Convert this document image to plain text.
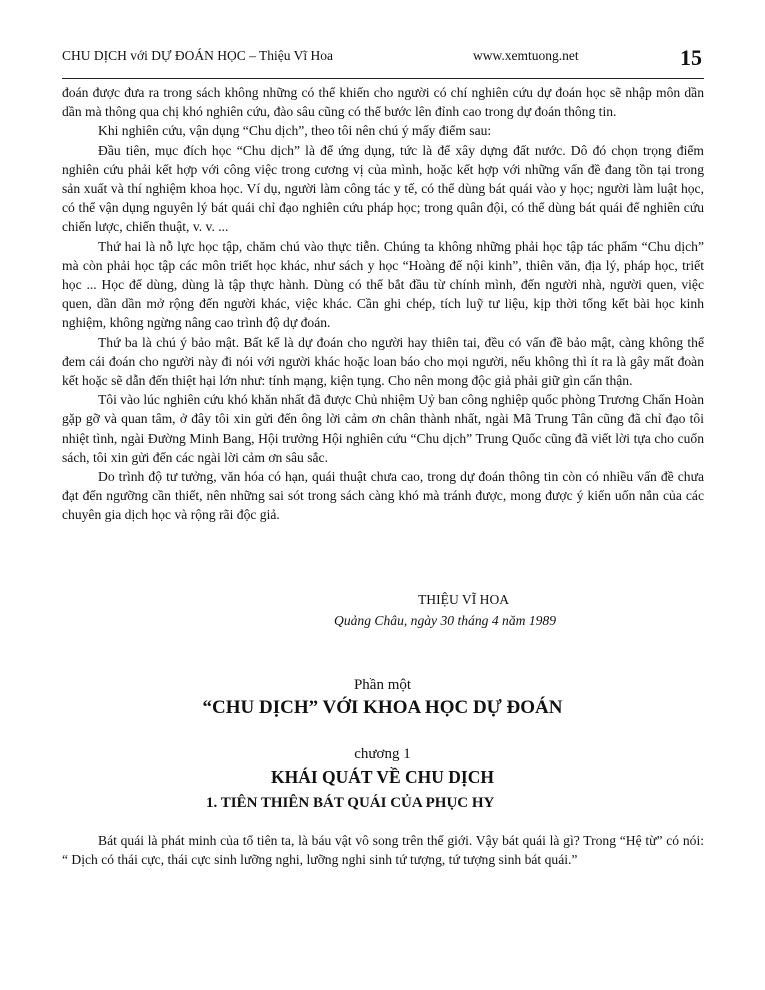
CHU DỊCH với DỰ ĐOÁN HỌC – Thiệu Vĩ Hoa	www.xemtuong.net	15

đoán được đưa ra trong sách không những có thể khiến cho người có chí nghiên cứu dự đoán học sẽ nhập môn dần dần mà thông qua chị khó nghiên cứu, đào sâu cũng có thể bước lên đỉnh cao trong dự đoán thông tin.

Khi nghiên cứu, vận dụng “Chu dịch”, theo tôi nên chú ý mấy điểm sau:

Đầu tiên, mục đích học “Chu dịch” là để ứng dụng, tức là để xây dựng đất nước. Dô đó chọn trọng điểm nghiên cứu phải kết hợp với công việc trong cương vị của mình, hoặc kết hợp với những vấn đề đang tồn tại trong sản xuất và thí nghiệm khoa học. Ví dụ, người làm công tác y tế, có thể dùng bát quái vào y học; người làm luật học, có thể vận dụng nguyên lý bát quái chỉ đạo nghiên cứu pháp học; trong quân đội, có thể dùng bát quái để nghiên cứu chiến lược, chiến thuật, v. v. ...

Thứ hai là nỗ lực học tập, chăm chú vào thực tiễn. Chúng ta không những phải học tập tác phẩm “Chu dịch” mà còn phải học tập các môn triết học khác, như sách y học “Hoàng đế nội kinh”, thiên văn, địa lý, pháp học, triết học ... Học để dùng, dùng là tập thực hành. Dùng có thể bắt đầu từ chính mình, đến người nhà, người quen, việc quen, dần dần mở rộng đến người khác, việc khác. Cần ghi chép, tích luỹ tư liệu, kịp thời tổng kết bài học kinh nghiệm, không ngừng nâng cao trình độ dự đoán.

Thứ ba là chú ý bảo mật. Bất kể là dự đoán cho người hay thiên tai, đều có vấn đề bảo mật, càng không thể đem cái đoán cho người này đi nói với người khác hoặc loan báo cho mọi người, nếu không thì ít ra là gây mất đoàn kết hoặc sẽ dẫn đến thiệt hại lớn như: tính mạng, kiện tụng. Cho nên mong độc giả phải giữ gìn cẩn thận.

Tôi vào lúc nghiên cứu khó khăn nhất đã được Chủ nhiệm Uỷ ban công nghiệp quốc phòng Trương Chấn Hoàn gặp gỡ và quan tâm, ở đây tôi xin gửi đến ông lời cảm ơn chân thành nhất, ngài Mã Trung Tân cũng đã chỉ đạo tôi nhiệt tình, ngài Đường Minh Bang, Hội trưởng Hội nghiên cứu “Chu dịch” Trung Quốc cũng đã viết lời tựa cho cuốn sách, tôi xin gửi đến các ngài lời cảm ơn sâu sắc.

Do trình độ tư tưởng, văn hóa có hạn, quái thuật chưa cao, trong dự đoán thông tin còn có nhiều vấn đề chưa đạt đến ngưỡng cần thiết, nên những sai sót trong sách càng khó mà tránh được, mong được ý kiến uốn nắn của các chuyên gia dịch học và rộng rãi độc giả.

THIỆU VĨ HOA
Quảng Châu, ngày 30 tháng 4 năm 1989
Phần một
“CHU DỊCH” VỚI KHOA HỌC DỰ ĐOÁN
chương 1
KHÁI QUÁT VỀ CHU DỊCH
1. TIÊN THIÊN BÁT QUÁI CỦA PHỤC HY

Bát quái là phát minh của tổ tiên ta, là báu vật vô song trên thế giới. Vậy bát quái là gì? Trong “Hệ từ” có nói: “ Dịch có thái cực, thái cực sinh lưỡng nghi, lưỡng nghi sinh tứ tượng, tứ tượng sinh bát quái.”
